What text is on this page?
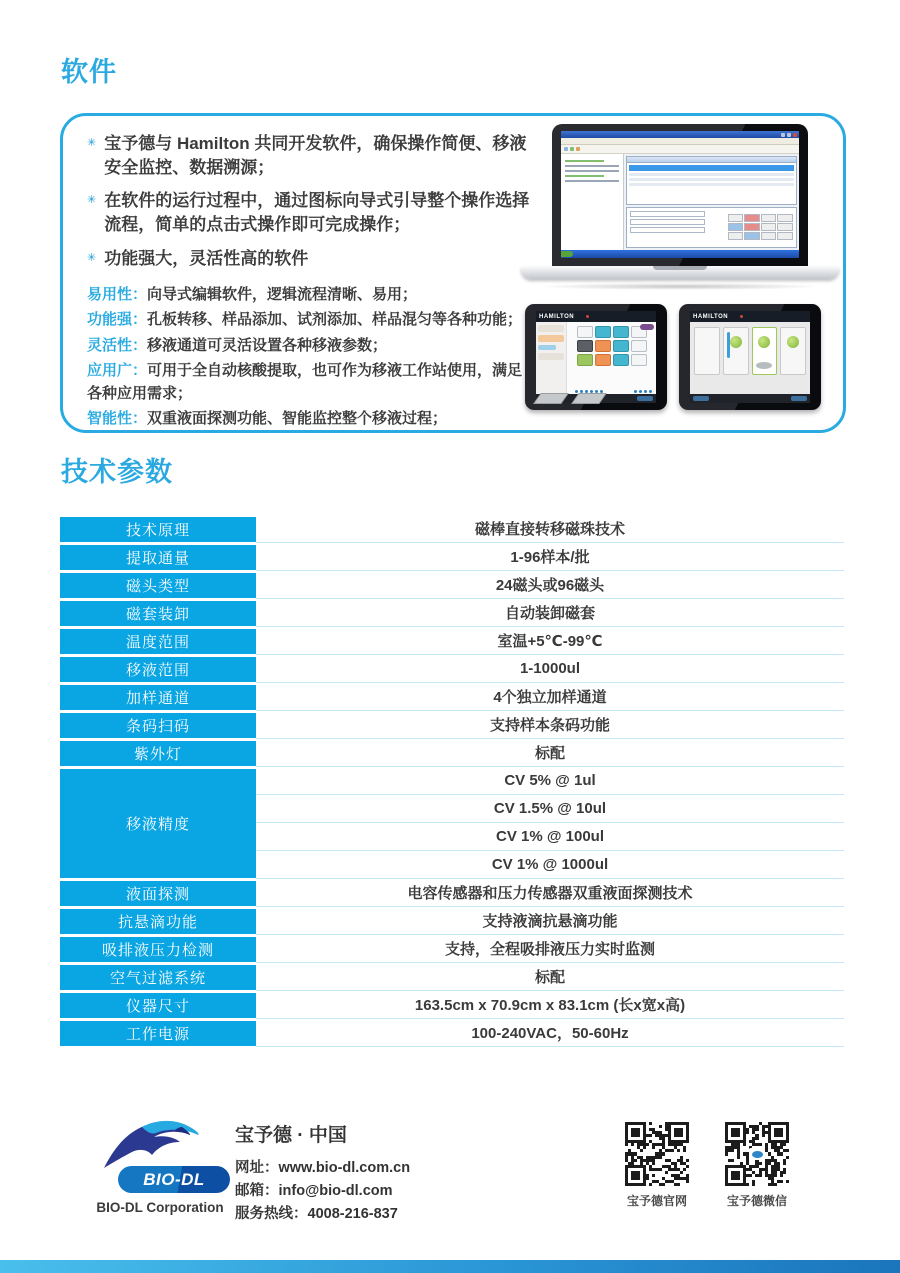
软件
✳ 宝予德与 Hamilton 共同开发软件，确保操作简便、移液安全监控、数据溯源；
✳ 在软件的运行过程中，通过图标向导式引导整个操作选择流程，简单的点击式操作即可完成操作；
✳ 功能强大，灵活性高的软件
易用性：向导式编辑软件，逻辑流程清晰、易用；
功能强：孔板转移、样品添加、试剂添加、样品混匀等各种功能；
灵活性：移液通道可灵活设置各种移液参数；
应用广：可用于全自动核酸提取，也可作为移液工作站使用，满足各种应用需求；
智能性：双重液面探测功能、智能监控整个移液过程；
HAMILTON	HAMILTON
技术参数
技术原理	磁棒直接转移磁珠技术
提取通量	1-96样本/批
磁头类型	24磁头或96磁头
磁套装卸	自动装卸磁套
温度范围	室温+5℃-99℃
移液范围	1-1000ul
加样通道	4个独立加样通道
条码扫码	支持样本条码功能
紫外灯	标配
移液精度
CV 5% @ 1ul
CV 1.5% @ 10ul
CV 1% @ 100ul
CV 1% @ 1000ul
液面探测	电容传感器和压力传感器双重液面探测技术
抗悬滴功能	支持液滴抗悬滴功能
吸排液压力检测	支持，全程吸排液压力实时监测
空气过滤系统	标配
仪器尺寸	163.5cm x 70.9cm x 83.1cm (长x宽x高)
工作电源	100-240VAC，50-60Hz
BIO-DL
BIO-DL Corporation
宝予德 · 中国
网址：www.bio-dl.com.cn
邮箱：info@bio-dl.com
服务热线：4008-216-837
宝予德官网	宝予德微信
